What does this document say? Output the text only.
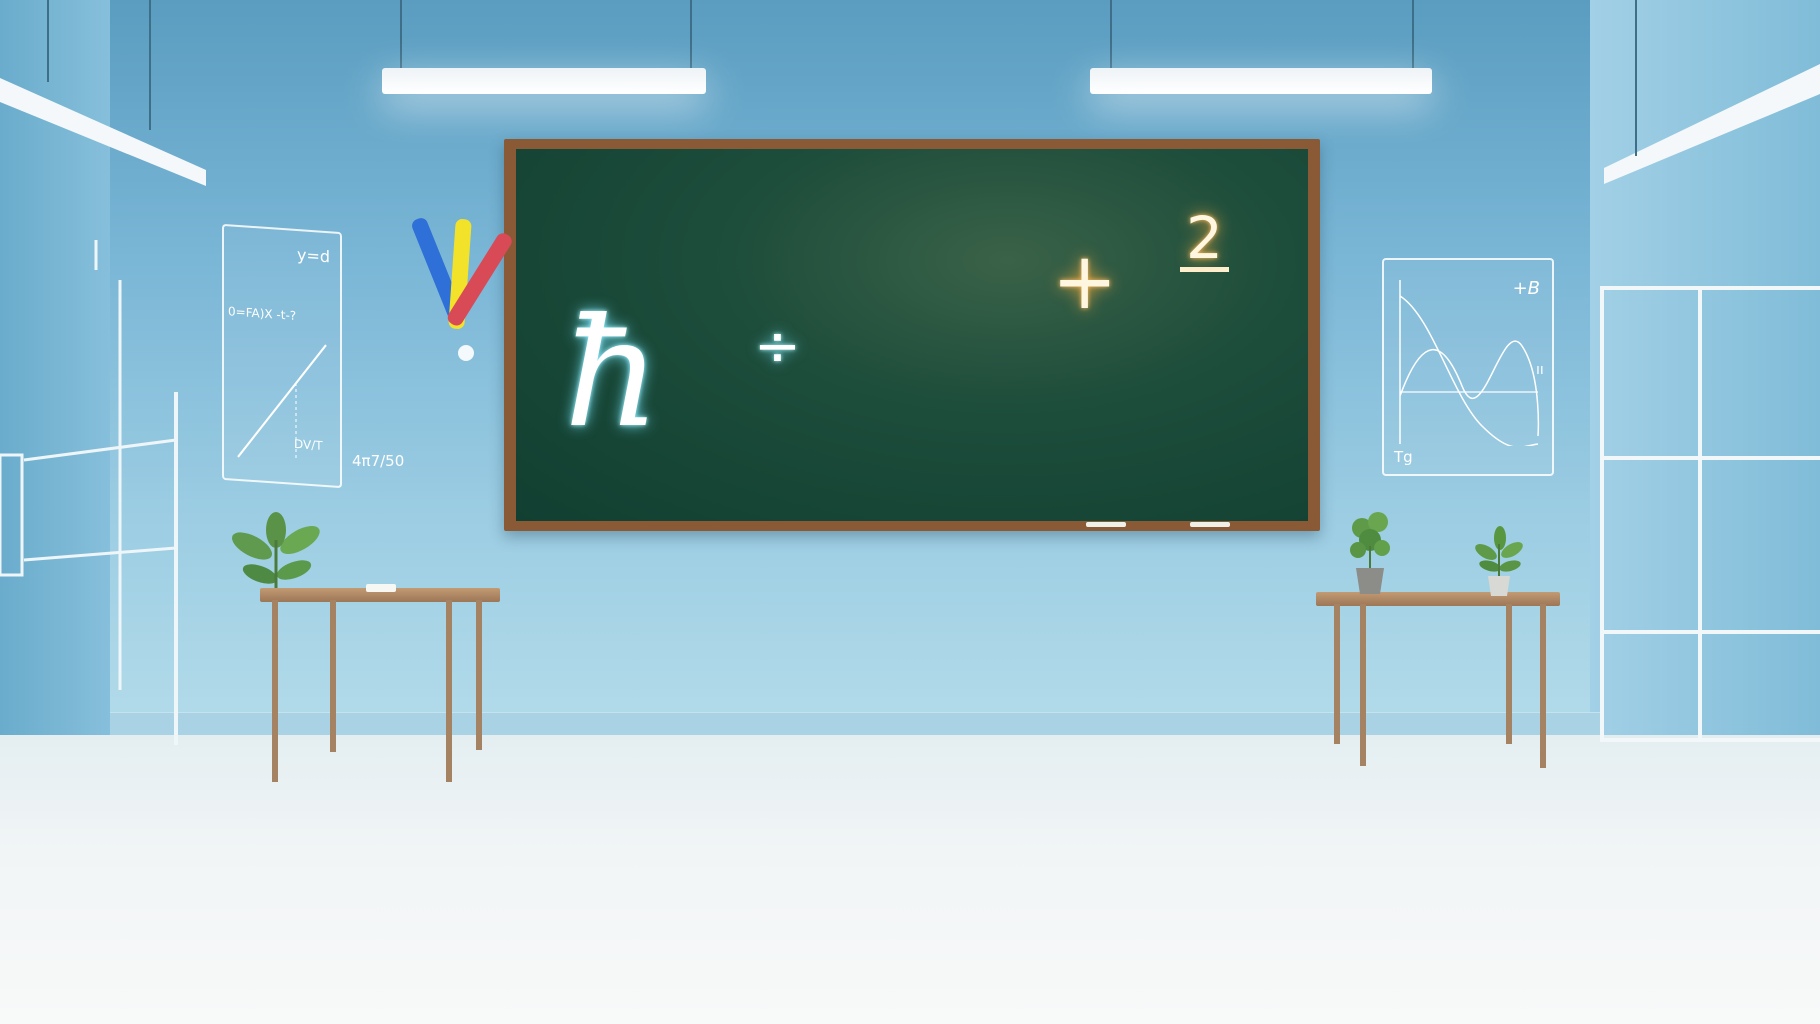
ħ ÷
+ 2
y=d
0=FA)X -t-?
DV/T
4π7/50
+B
Tg
ıı
